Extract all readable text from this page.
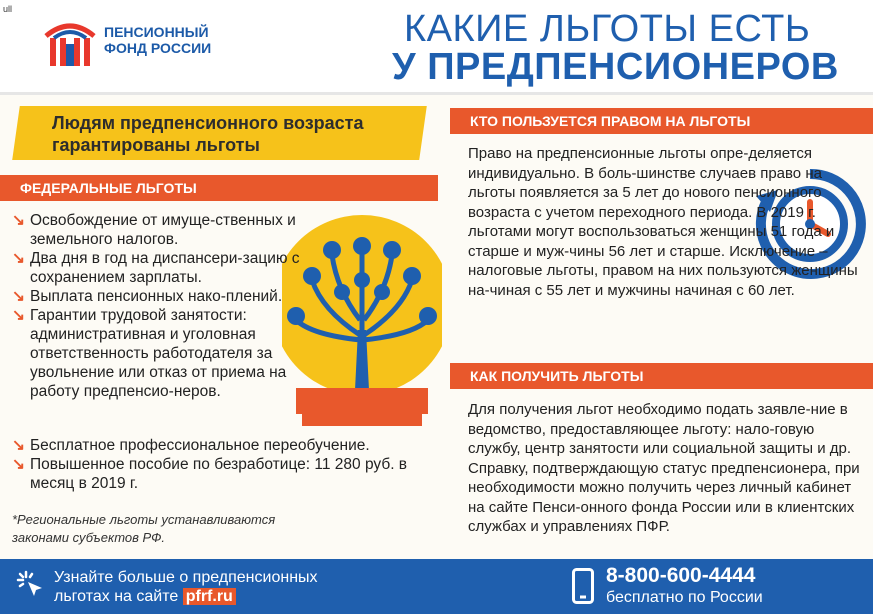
ull
ПЕНСИОННЫЙ
ФОНД РОССИИ	КАКИЕ ЛЬГОТЫ ЕСТЬ
У ПРЕДПЕНСИОНЕРОВ
Людям предпенсионного возраста
гарантированы льготы
ФЕДЕРАЛЬНЫЕ ЛЬГОТЫ
↘ Освобождение от имуще-ственных и земельного налогов.
↘ Два дня в год на диспансери-зацию с сохранением зарплаты.
↘ Выплата пенсионных нако-плений.
↘ Гарантии трудовой занятости: административная и уголовная ответственность работодателя за увольнение или отказ от приема на работу предпенсио-неров.
↘ Бесплатное профессиональное переобучение.
↘ Повышенное пособие по безработице: 11 280 руб. в месяц в 2019 г.
*Региональные льготы устанавливаются законами субъектов РФ.
КТО ПОЛЬЗУЕТСЯ ПРАВОМ НА ЛЬГОТЫ
Право на предпенсионные льготы опре-деляется индивидуально. В боль-шинстве случаев право на льготы появляется за 5 лет до нового пенсионного возраста с учетом переходного периода. В 2019 г. льготами могут воспользоваться женщины 51 года и старше и муж-чины 56 лет и старше. Исключение – налоговые льготы, правом на них пользуются женщины на-чиная с 55 лет и мужчины начиная с 60 лет.
КАК ПОЛУЧИТЬ ЛЬГОТЫ
Для получения льгот необходимо подать заявле-ние в ведомство, предоставляющее льготу: нало-говую службу, центр занятости или социальной защиты и др. Справку, подтверждающую статус предпенсионера, при необходимости можно получить через личный кабинет на сайте Пенси-онного фонда России или в клиентских службах и управлениях ПФР.
Узнайте больше о предпенсионных
льготах на сайте pfrf.ru
8-800-600-4444
бесплатно по России
